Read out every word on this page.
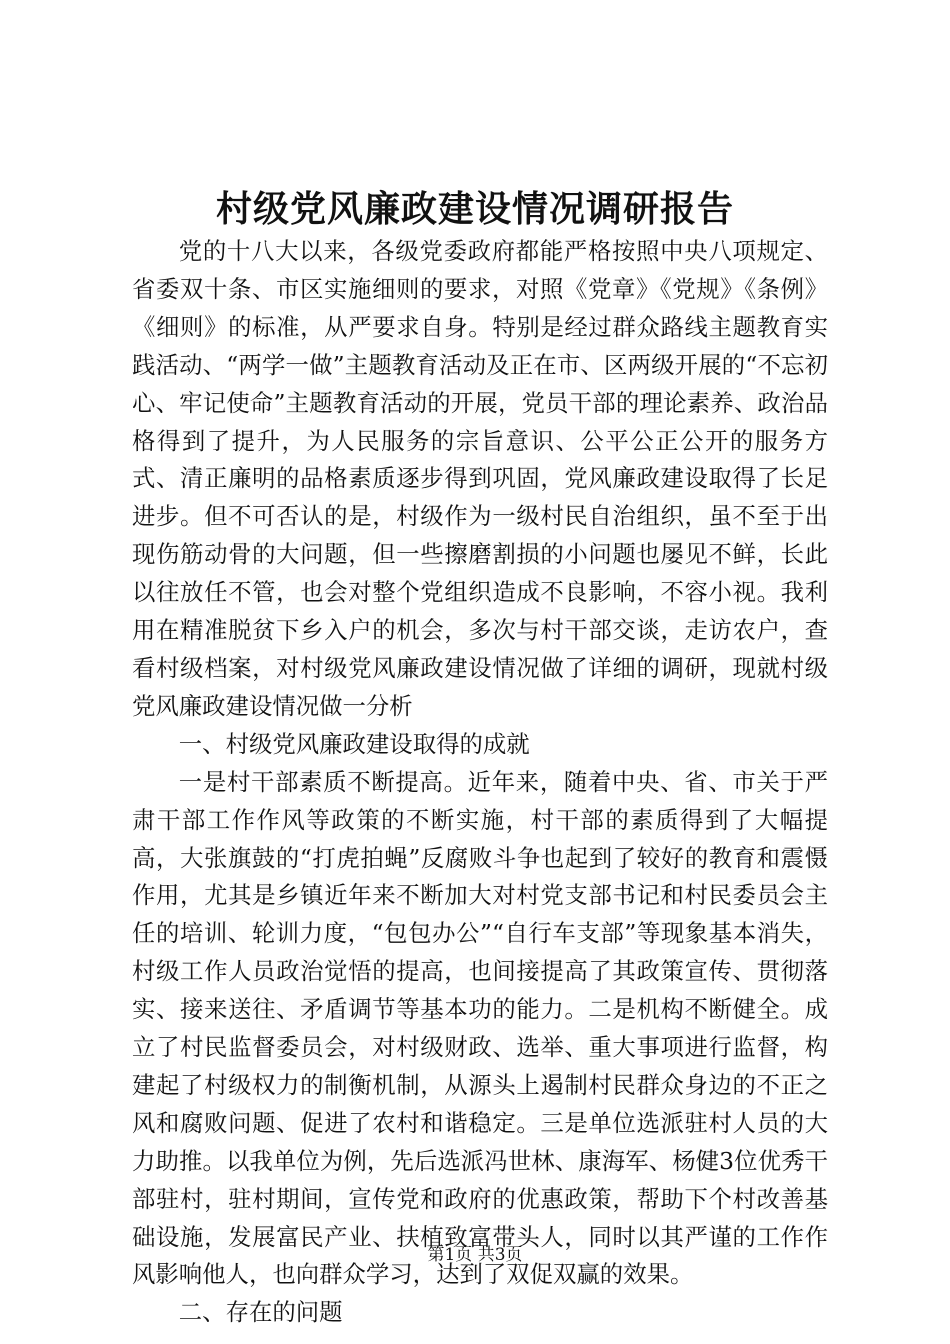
村级党风廉政建设情况调研报告

党的十八大以来，各级党委政府都能严格按照中央八项规定、省委双十条、市区实施细则的要求，对照《党章》《党规》《条例》《细则》的标准，从严要求自身。特别是经过群众路线主题教育实践活动、“两学一做”主题教育活动及正在市、区两级开展的“不忘初心、牢记使命”主题教育活动的开展，党员干部的理论素养、政治品格得到了提升，为人民服务的宗旨意识、公平公正公开的服务方式、清正廉明的品格素质逐步得到巩固，党风廉政建设取得了长足进步。但不可否认的是，村级作为一级村民自治组织，虽不至于出现伤筋动骨的大问题，但一些擦磨割损的小问题也屡见不鲜，长此以往放任不管，也会对整个党组织造成不良影响，不容小视。我利用在精准脱贫下乡入户的机会，多次与村干部交谈，走访农户，查看村级档案，对村级党风廉政建设情况做了详细的调研，现就村级党风廉政建设情况做一分析

一、村级党风廉政建设取得的成就

一是村干部素质不断提高。近年来，随着中央、省、市关于严肃干部工作作风等政策的不断实施，村干部的素质得到了大幅提高，大张旗鼓的“打虎拍蝇”反腐败斗争也起到了较好的教育和震慑作用，尤其是乡镇近年来不断加大对村党支部书记和村民委员会主任的培训、轮训力度，“包包办公”“自行车支部”等现象基本消失，村级工作人员政治觉悟的提高，也间接提高了其政策宣传、贯彻落实、接来送往、矛盾调节等基本功的能力。二是机构不断健全。成立了村民监督委员会，对村级财政、选举、重大事项进行监督，构建起了村级权力的制衡机制，从源头上遏制村民群众身边的不正之风和腐败问题、促进了农村和谐稳定。三是单位选派驻村人员的大力助推。以我单位为例，先后选派冯世林、康海军、杨健3位优秀干部驻村，驻村期间，宣传党和政府的优惠政策，帮助下个村改善基础设施，发展富民产业、扶植致富带头人，同时以其严谨的工作作风影响他人，也向群众学习，达到了双促双赢的效果。

二、存在的问题

第1页 共3页
